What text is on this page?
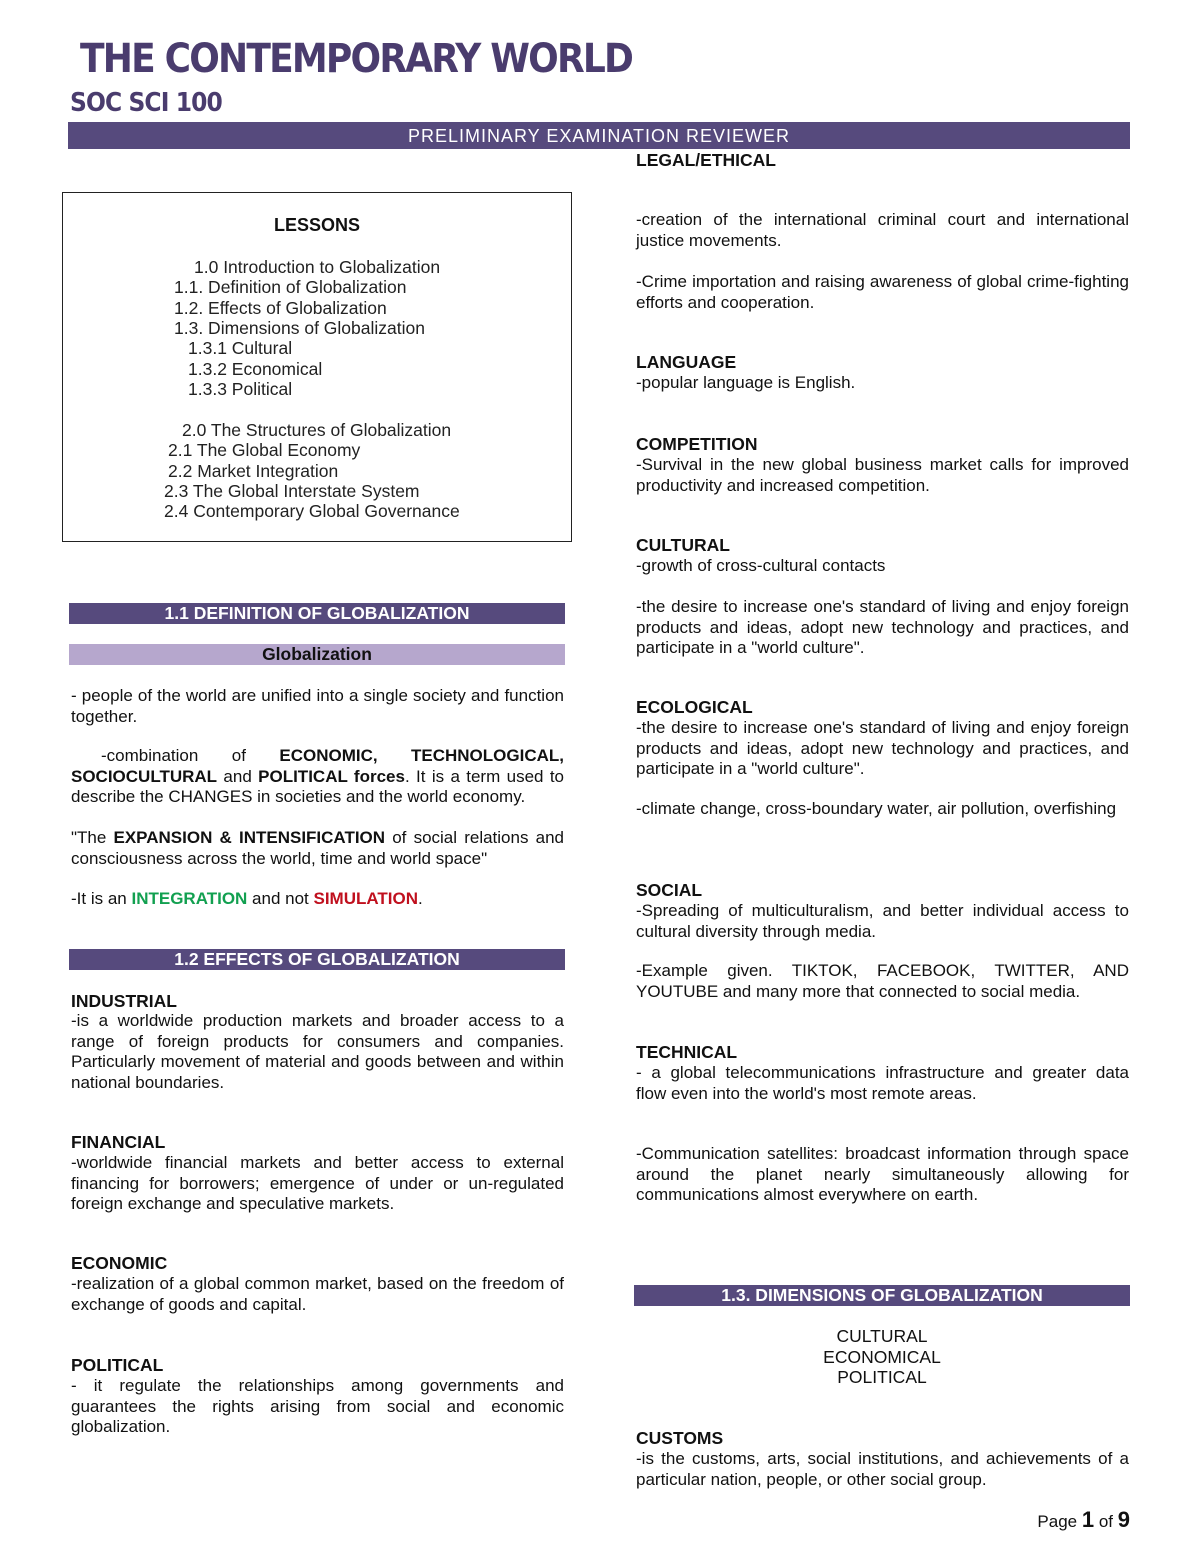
THE CONTEMPORARY WORLD
SOC SCI 100
PRELIMINARY EXAMINATION REVIEWER
LESSONS
1.0 Introduction to Globalization
1.1. Definition of Globalization
1.2. Effects of Globalization
1.3. Dimensions of Globalization
1.3.1 Cultural
1.3.2 Economical
1.3.3 Political
2.0 The Structures of Globalization
2.1 The Global Economy
2.2 Market Integration
2.3 The Global Interstate System
2.4 Contemporary Global Governance
1.1 DEFINITION OF GLOBALIZATION
Globalization
- people of the world are unified into a single society and function together.
-combination of ECONOMIC, TECHNOLOGICAL, SOCIOCULTURAL and POLITICAL forces. It is a term used to describe the CHANGES in societies and the world economy.
"The EXPANSION & INTENSIFICATION of social relations and consciousness across the world, time and world space"
-It is an INTEGRATION and not SIMULATION.
1.2 EFFECTS OF GLOBALIZATION
INDUSTRIAL
-is a worldwide production markets and broader access to a range of foreign products for consumers and companies. Particularly movement of material and goods between and within national boundaries.
FINANCIAL
-worldwide financial markets and better access to external financing for borrowers; emergence of under or un-regulated foreign exchange and speculative markets.
ECONOMIC
-realization of a global common market, based on the freedom of exchange of goods and capital.
POLITICAL
- it regulate the relationships among governments and guarantees the rights arising from social and economic globalization.
LEGAL/ETHICAL
-creation of the international criminal court and international justice movements.
-Crime importation and raising awareness of global crime-fighting efforts and cooperation.
LANGUAGE
-popular language is English.
COMPETITION
-Survival in the new global business market calls for improved productivity and increased competition.
CULTURAL
-growth of cross-cultural contacts
-the desire to increase one's standard of living and enjoy foreign products and ideas, adopt new technology and practices, and participate in a "world culture".
ECOLOGICAL
-the desire to increase one's standard of living and enjoy foreign products and ideas, adopt new technology and practices, and participate in a "world culture".
-climate change, cross-boundary water, air pollution, overfishing
SOCIAL
-Spreading of multiculturalism, and better individual access to cultural diversity through media.
-Example given. TIKTOK, FACEBOOK, TWITTER, AND YOUTUBE and many more that connected to social media.
TECHNICAL
- a global telecommunications infrastructure and greater data flow even into the world's most remote areas.
-Communication satellites: broadcast information through space around the planet nearly simultaneously allowing for communications almost everywhere on earth.
1.3. DIMENSIONS OF GLOBALIZATION
CULTURAL
ECONOMICAL
POLITICAL
CUSTOMS
-is the customs, arts, social institutions, and achievements of a particular nation, people, or other social group.
Page 1 of 9
